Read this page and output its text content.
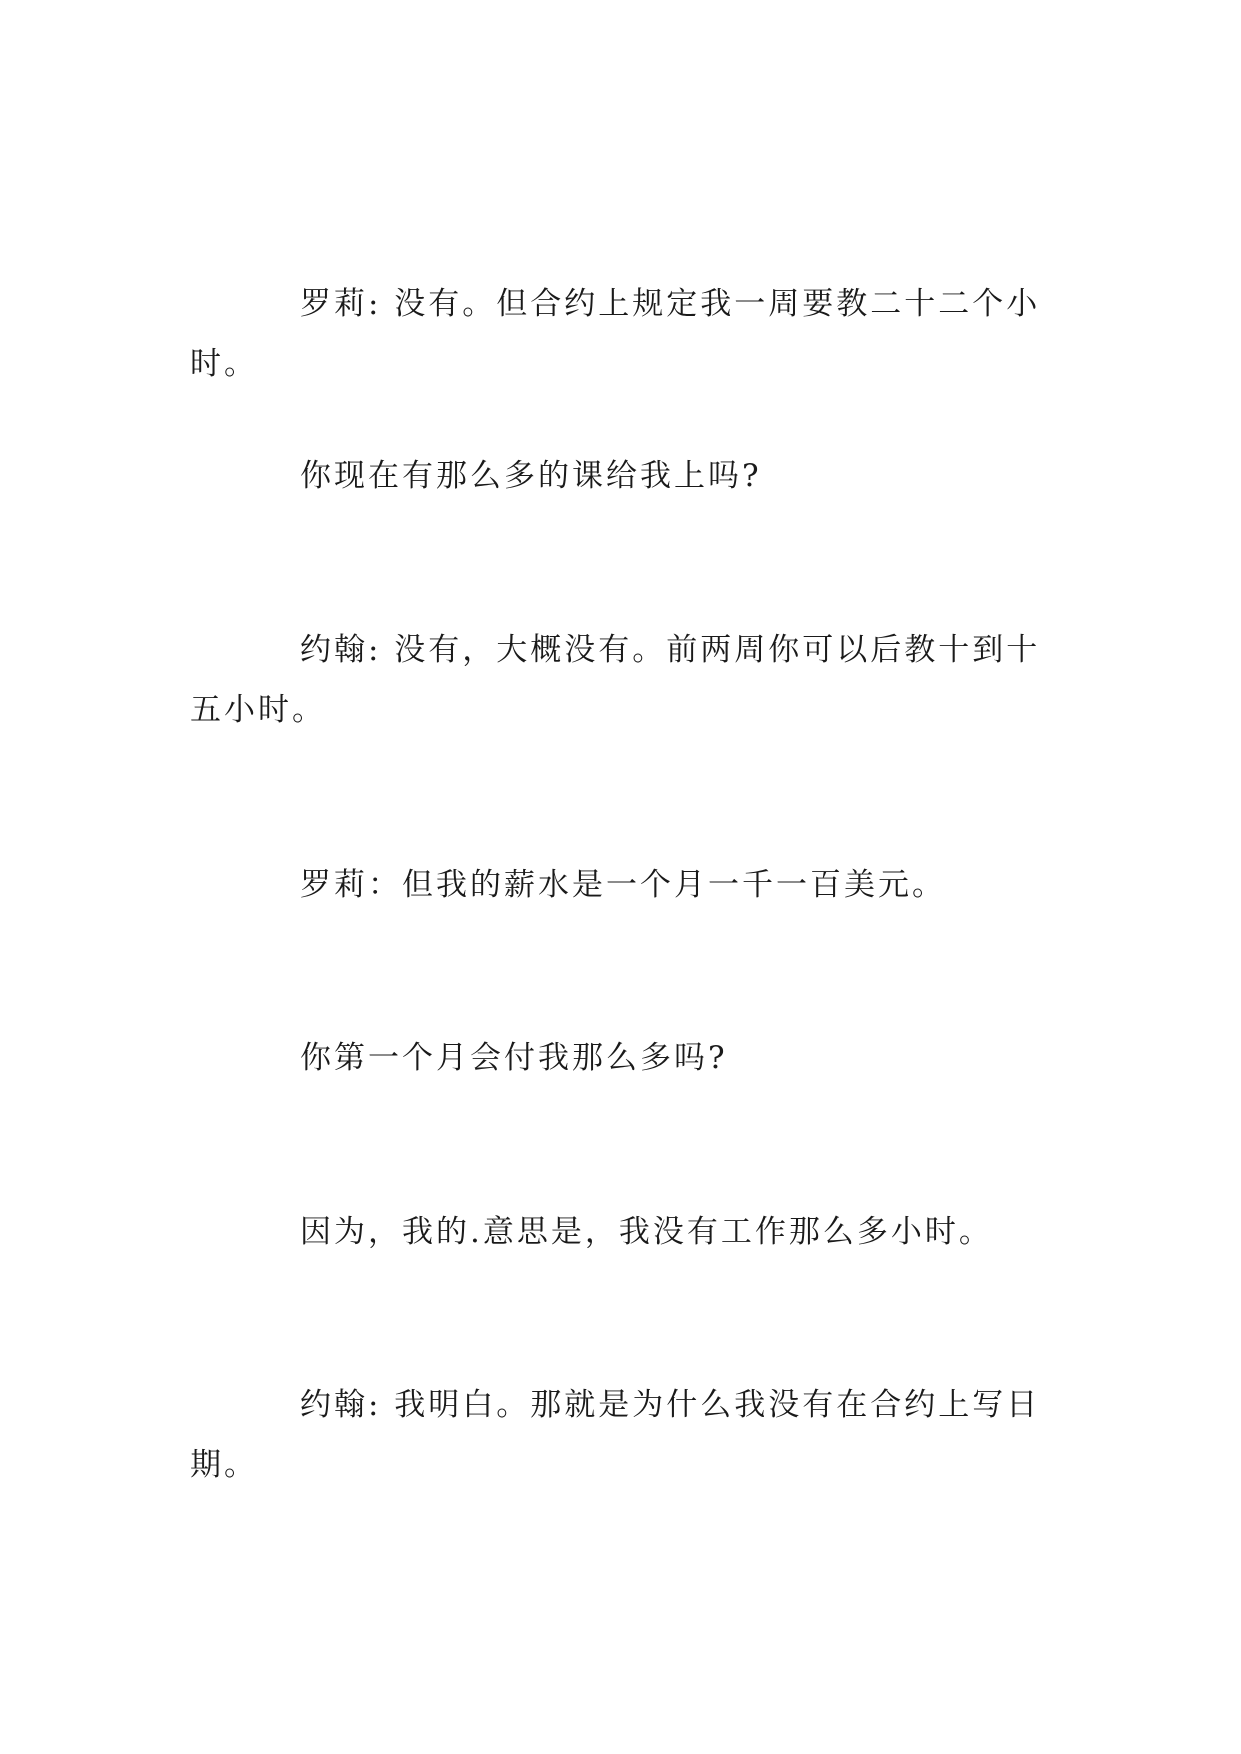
罗莉: 没有。但合约上规定我一周要教二十二个小时。

你现在有那么多的课给我上吗?

约翰: 没有，大概没有。前两周你可以后教十到十五小时。

罗莉：但我的薪水是一个月一千一百美元。

你第一个月会付我那么多吗?

因为，我的.意思是，我没有工作那么多小时。

约翰: 我明白。那就是为什么我没有在合约上写日期。
